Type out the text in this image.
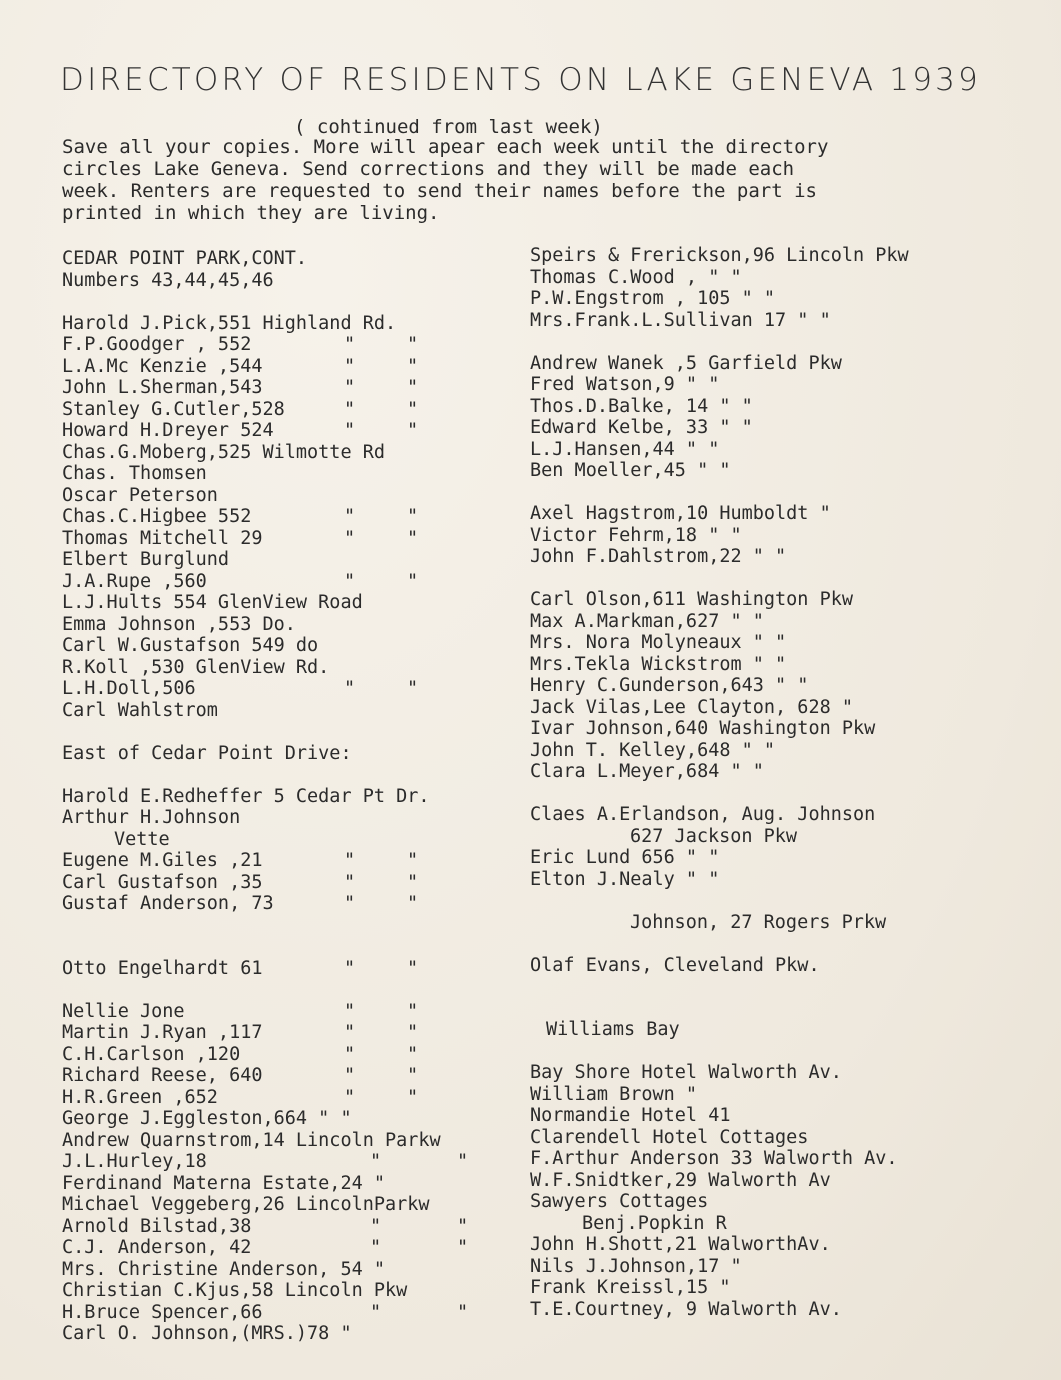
DIRECTORY OF RESIDENTS ON LAKE GENEVA 1939
( cohtinued from last week)
Save all your copies. More will apear each week until the directory
circles Lake Geneva. Send corrections and they will be made each
week. Renters are requested to send their names before the part is
printed in which they are living.
CEDAR POINT PARK,CONT.
Numbers 43,44,45,46
Harold J.Pick,551 Highland Rd.
F.P.Goodger , 552	"	"
L.A.Mc Kenzie ,544	"	"
John L.Sherman,543	"	"
Stanley G.Cutler,528	"	"
Howard H.Dreyer 524	"	"
Chas.G.Moberg,525 Wilmotte Rd
Chas. Thomsen
Oscar Peterson
Chas.C.Higbee 552	"	"
Thomas Mitchell 29	"	"
Elbert Burglund
J.A.Rupe ,560	"	"
L.J.Hults 554 GlenView Road
Emma Johnson ,553 Do.
Carl W.Gustafson 549 do
R.Koll ,530 GlenView Rd.
L.H.Doll,506	"	"
Carl Wahlstrom
East of Cedar Point Drive:
Harold E.Redheffer 5 Cedar Pt Dr.
Arthur H.Johnson
Vette
Eugene M.Giles ,21	"	"
Carl Gustafson ,35	"	"
Gustaf Anderson, 73	"	"
Otto Engelhardt 61	"	"
Nellie Jone	"	"
Martin J.Ryan ,117	"	"
C.H.Carlson ,120	"	"
Richard Reese, 640	"	"
H.R.Green ,652	"	"
George J.Eggleston,664 " "
Andrew Quarnstrom,14 Lincoln Parkw
J.L.Hurley,18	"	"
Ferdinand Materna Estate,24 "
Michael Veggeberg,26 LincolnParkw
Arnold Bilstad,38	"	"
C.J. Anderson, 42	"	"
Mrs. Christine Anderson, 54 "
Christian C.Kjus,58 Lincoln Pkw
H.Bruce Spencer,66	"	"
Carl O. Johnson,(MRS.)78 "
Speirs & Frerickson,96 Lincoln Pkw
Thomas C.Wood , " "
P.W.Engstrom , 105 " "
Mrs.Frank.L.Sullivan 17 " "
Andrew Wanek ,5 Garfield Pkw
Fred Watson,9 " "
Thos.D.Balke, 14 " "
Edward Kelbe, 33 " "
L.J.Hansen,44 " "
Ben Moeller,45 " "
Axel Hagstrom,10 Humboldt "
Victor Fehrm,18 " "
John F.Dahlstrom,22 " "
Carl Olson,611 Washington Pkw
Max A.Markman,627 " "
Mrs. Nora Molyneaux " "
Mrs.Tekla Wickstrom " "
Henry C.Gunderson,643 " "
Jack Vilas,Lee Clayton, 628 "
Ivar Johnson,640 Washington Pkw
John T. Kelley,648 " "
Clara L.Meyer,684 " "
Claes A.Erlandson, Aug. Johnson
627 Jackson Pkw
Eric Lund 656 " "
Elton J.Nealy " "
Johnson, 27 Rogers Prkw
Olaf Evans, Cleveland Pkw.
Williams Bay
Bay Shore Hotel Walworth Av.
William Brown "
Normandie Hotel 41
Clarendell Hotel Cottages
F.Arthur Anderson 33 Walworth Av.
W.F.Snidtker,29 Walworth Av
Sawyers Cottages
Benj.Popkin R
John H.Shott,21 WalworthAv.
Nils J.Johnson,17 "
Frank Kreissl,15 "
T.E.Courtney, 9 Walworth Av.
